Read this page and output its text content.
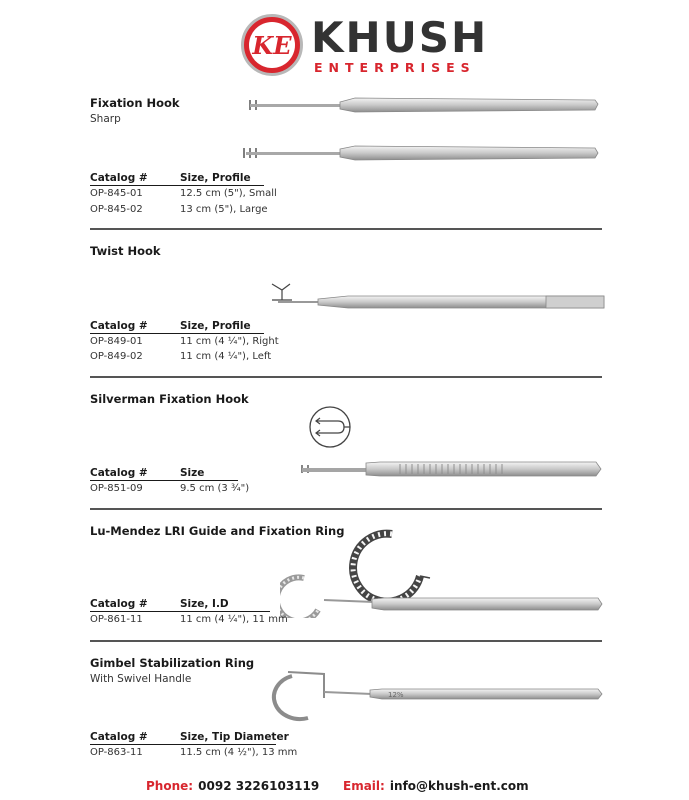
KE KHUSH
ENTERPRISES
Fixation Hook
Sharp
Catalog #	Size, Profile
OP-845-01	12.5 cm (5"), Small
OP-845-02	13 cm (5"), Large
Twist Hook
Catalog #	Size, Profile
OP-849-01	11 cm (4 ¼"), Right
OP-849-02	11 cm (4 ¼"), Left
Silverman Fixation Hook
Catalog #	Size
OP-851-09	9.5 cm (3 ¾")
Lu-Mendez LRI Guide and Fixation Ring
Catalog #	Size, I.D
OP-861-11	11 cm (4 ¼"), 11 mm
Gimbel Stabilization Ring
With Swivel Handle
12%
Catalog #	Size, Tip Diameter
OP-863-11	11.5 cm (4 ½"), 13 mm
Phone: 0092 3226103119 Email: info@khush-ent.com
